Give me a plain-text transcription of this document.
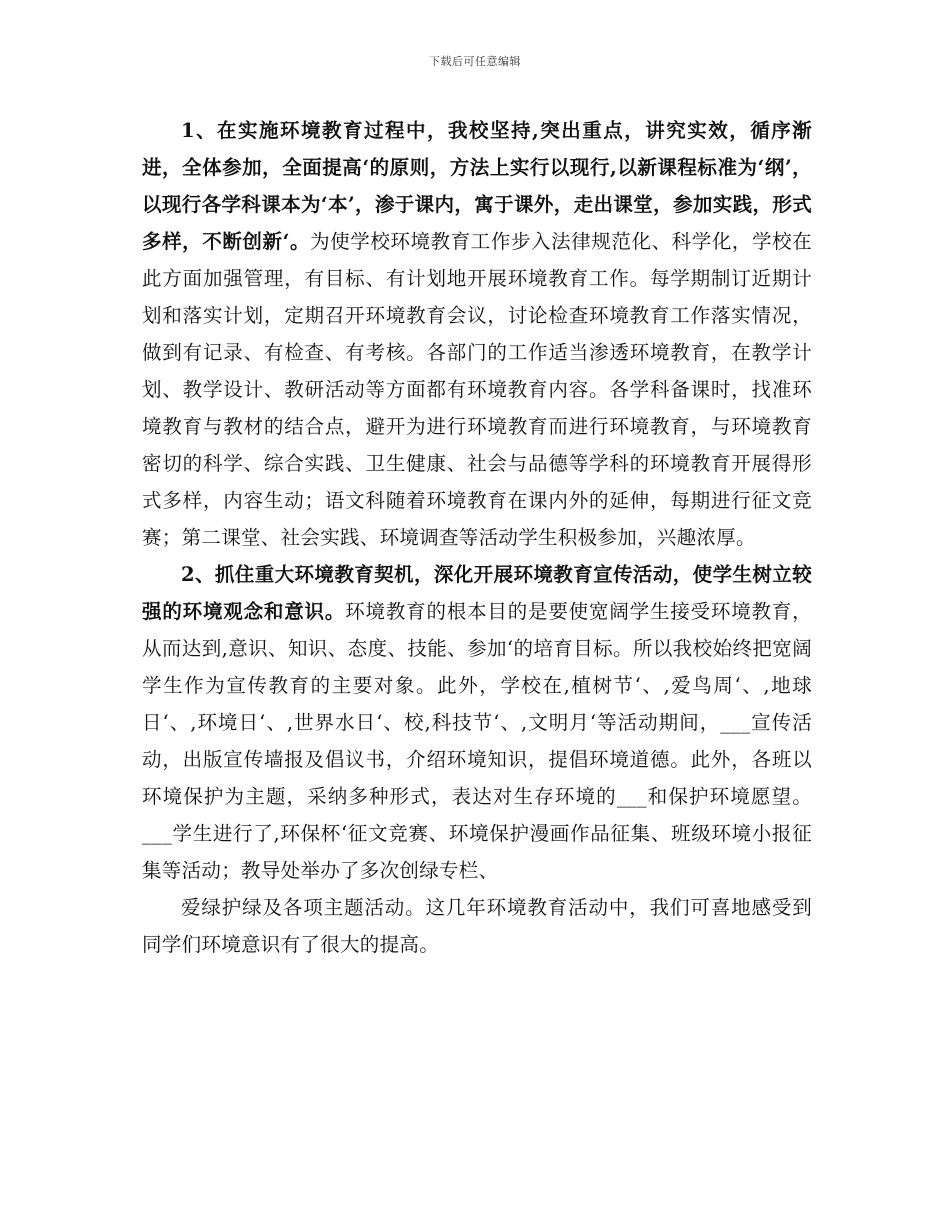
下载后可任意编辑

1、在实施环境教育过程中，我校坚持,突出重点，讲究实效，循序渐进，全体参加，全面提高‘的原则，方法上实行以现行,以新课程标准为‘纲’，以现行各学科课本为‘本’，渗于课内，寓于课外，走出课堂，参加实践，形式多样，不断创新‘。为使学校环境教育工作步入法律规范化、科学化，学校在此方面加强管理，有目标、有计划地开展环境教育工作。每学期制订近期计划和落实计划，定期召开环境教育会议，讨论检查环境教育工作落实情况，做到有记录、有检查、有考核。各部门的工作适当渗透环境教育，在教学计划、教学设计、教研活动等方面都有环境教育内容。各学科备课时，找准环境教育与教材的结合点，避开为进行环境教育而进行环境教育，与环境教育密切的科学、综合实践、卫生健康、社会与品德等学科的环境教育开展得形式多样，内容生动；语文科随着环境教育在课内外的延伸，每期进行征文竞赛；第二课堂、社会实践、环境调查等活动学生积极参加，兴趣浓厚。

2、抓住重大环境教育契机，深化开展环境教育宣传活动，使学生树立较强的环境观念和意识。环境教育的根本目的是要使宽阔学生接受环境教育，从而达到,意识、知识、态度、技能、参加‘的培育目标。所以我校始终把宽阔学生作为宣传教育的主要对象。此外，学校在,植树节‘、,爱鸟周‘、,地球日‘、,环境日‘、,世界水日‘、校,科技节‘、,文明月‘等活动期间，___宣传活动，出版宣传墙报及倡议书，介绍环境知识，提倡环境道德。此外，各班以环境保护为主题，采纳多种形式，表达对生存环境的___和保护环境愿望。___学生进行了,环保杯‘征文竞赛、环境保护漫画作品征集、班级环境小报征集等活动；教导处举办了多次创绿专栏、

爱绿护绿及各项主题活动。这几年环境教育活动中，我们可喜地感受到同学们环境意识有了很大的提高。
